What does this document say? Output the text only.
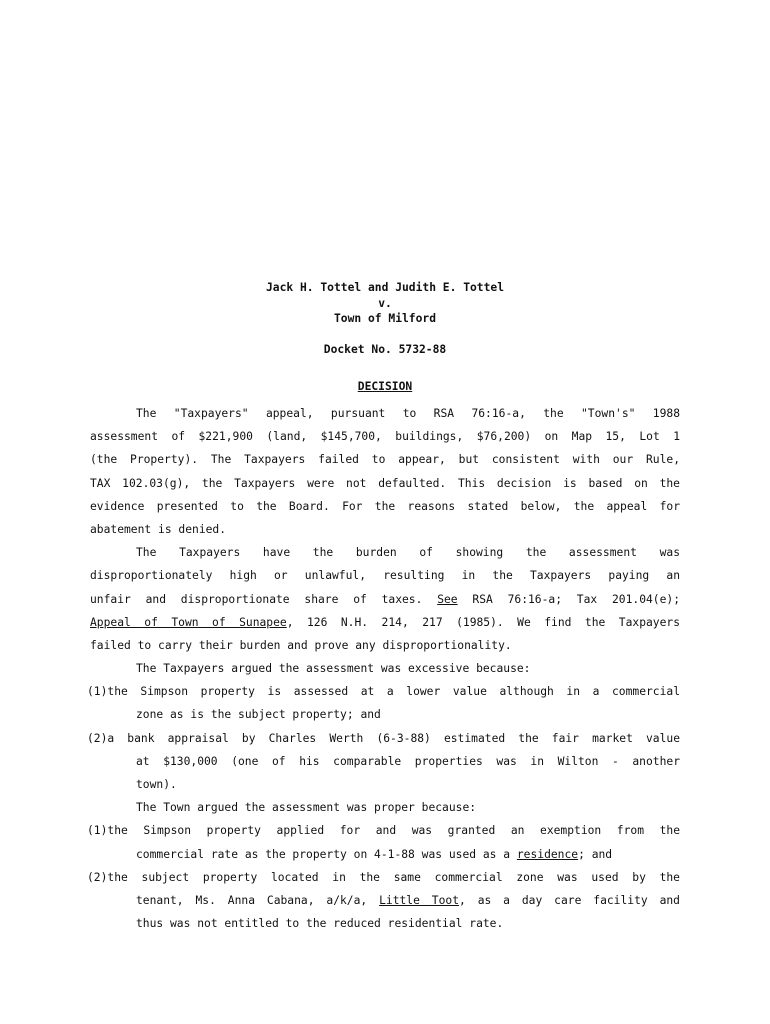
Jack H. Tottel and Judith E. Tottel
v.
Town of Milford
Docket No. 5732-88
DECISION
The "Taxpayers" appeal, pursuant to RSA 76:16-a, the "Town's" 1988
assessment of $221,900 (land, $145,700, buildings, $76,200) on Map 15, Lot 1
(the Property). The Taxpayers failed to appear, but consistent with our Rule,
TAX 102.03(g), the Taxpayers were not defaulted. This decision is based on the
evidence presented to the Board. For the reasons stated below, the appeal for
abatement is denied.
The Taxpayers have the burden of showing the assessment was
disproportionately high or unlawful, resulting in the Taxpayers paying an
unfair and disproportionate share of taxes. See RSA 76:16-a; Tax 201.04(e);
Appeal of Town of Sunapee, 126 N.H. 214, 217 (1985). We find the Taxpayers
failed to carry their burden and prove any disproportionality.
The Taxpayers argued the assessment was excessive because:
(1)the Simpson property is assessed at a lower value although in a commercial
zone as is the subject property; and
(2)a bank appraisal by Charles Werth (6-3-88) estimated the fair market value
at $130,000 (one of his comparable properties was in Wilton - another
town).
The Town argued the assessment was proper because:
(1)the Simpson property applied for and was granted an exemption from the
commercial rate as the property on 4-1-88 was used as a residence; and
(2)the subject property located in the same commercial zone was used by the
tenant, Ms. Anna Cabana, a/k/a, Little Toot, as a day care facility and
thus was not entitled to the reduced residential rate.
